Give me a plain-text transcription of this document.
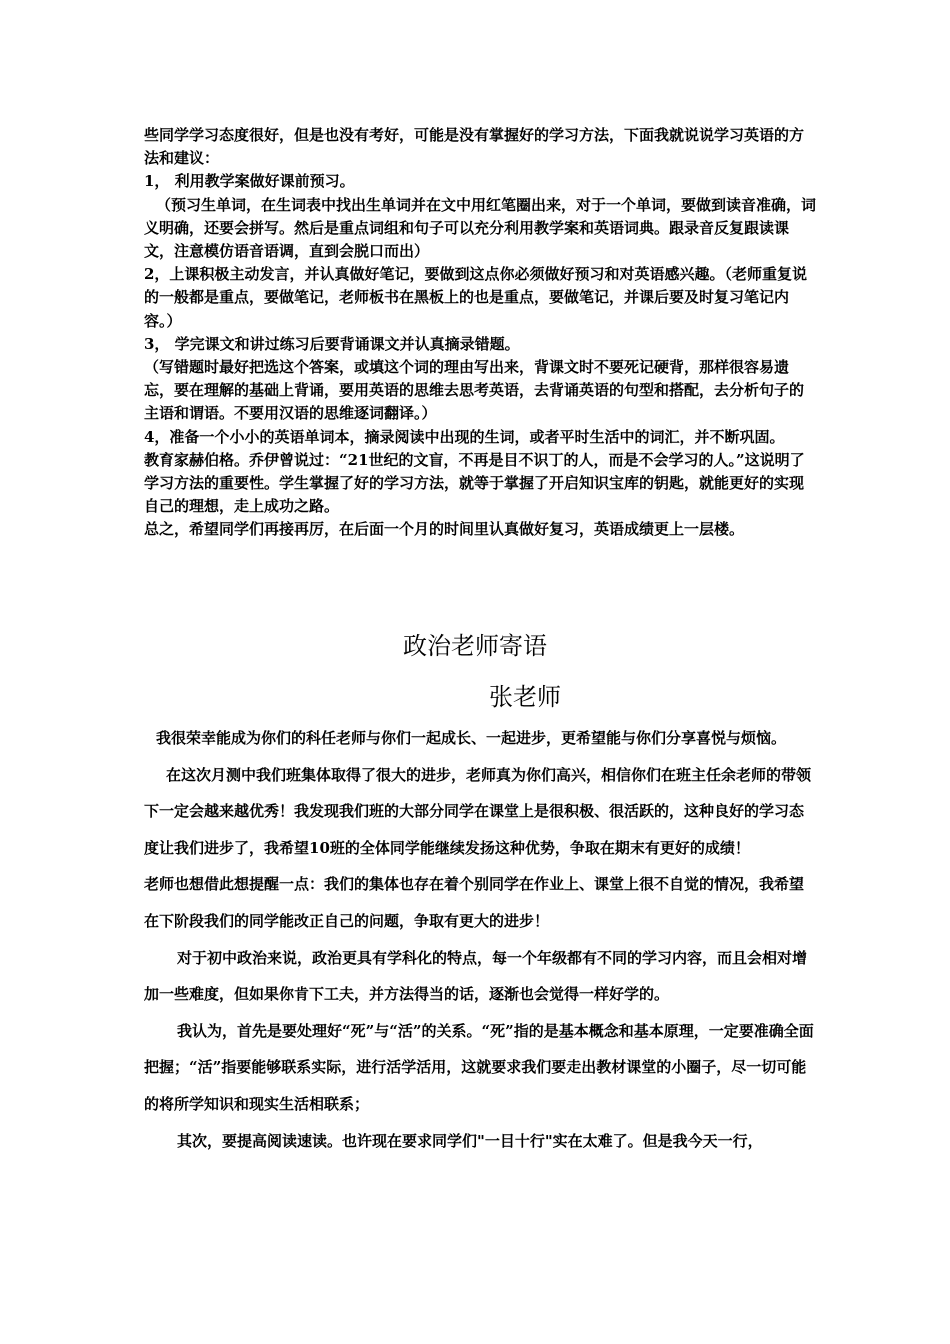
些同学学习态度很好，但是也没有考好，可能是没有掌握好的学习方法，下面我就说说学习英语的方法和建议：

1， 利用教学案做好课前预习。

（预习生单词，在生词表中找出生单词并在文中用红笔圈出来，对于一个单词，要做到读音准确，词义明确，还要会拼写。然后是重点词组和句子可以充分利用教学案和英语词典。跟录音反复跟读课文，注意模仿语音语调，直到会脱口而出）

2，上课积极主动发言，并认真做好笔记，要做到这点你必须做好预习和对英语感兴趣。（老师重复说的一般都是重点，要做笔记，老师板书在黑板上的也是重点，要做笔记，并课后要及时复习笔记内容。）

3， 学完课文和讲过练习后要背诵课文并认真摘录错题。

（写错题时最好把选这个答案，或填这个词的理由写出来，背课文时不要死记硬背，那样很容易遗忘，要在理解的基础上背诵，要用英语的思维去思考英语，去背诵英语的句型和搭配，去分析句子的主语和谓语。不要用汉语的思维逐词翻译。）

4，准备一个小小的英语单词本，摘录阅读中出现的生词，或者平时生活中的词汇，并不断巩固。

教育家赫伯格。乔伊曾说过：“21世纪的文盲，不再是目不识丁的人，而是不会学习的人。”这说明了学习方法的重要性。学生掌握了好的学习方法，就等于掌握了开启知识宝库的钥匙，就能更好的实现自己的理想，走上成功之路。

总之，希望同学们再接再厉，在后面一个月的时间里认真做好复习，英语成绩更上一层楼。

政治老师寄语
张老师

我很荣幸能成为你们的科任老师与你们一起成长、一起进步，更希望能与你们分享喜悦与烦恼。

在这次月测中我们班集体取得了很大的进步，老师真为你们高兴，相信你们在班主任余老师的带领下一定会越来越优秀！我发现我们班的大部分同学在课堂上是很积极、很活跃的，这种良好的学习态度让我们进步了，我希望10班的全体同学能继续发扬这种优势，争取在期末有更好的成绩！

老师也想借此想提醒一点：我们的集体也存在着个别同学在作业上、课堂上很不自觉的情况，我希望在下阶段我们的同学能改正自己的问题，争取有更大的进步！

对于初中政治来说，政治更具有学科化的特点，每一个年级都有不同的学习内容，而且会相对增加一些难度，但如果你肯下工夫，并方法得当的话，逐渐也会觉得一样好学的。

我认为，首先是要处理好“死”与“活”的关系。“死”指的是基本概念和基本原理，一定要准确全面把握；“活”指要能够联系实际，进行活学活用，这就要求我们要走出教材课堂的小圈子，尽一切可能的将所学知识和现实生活相联系；

其次，要提高阅读速读。也许现在要求同学们"一目十行"实在太难了。但是我今天一行，
